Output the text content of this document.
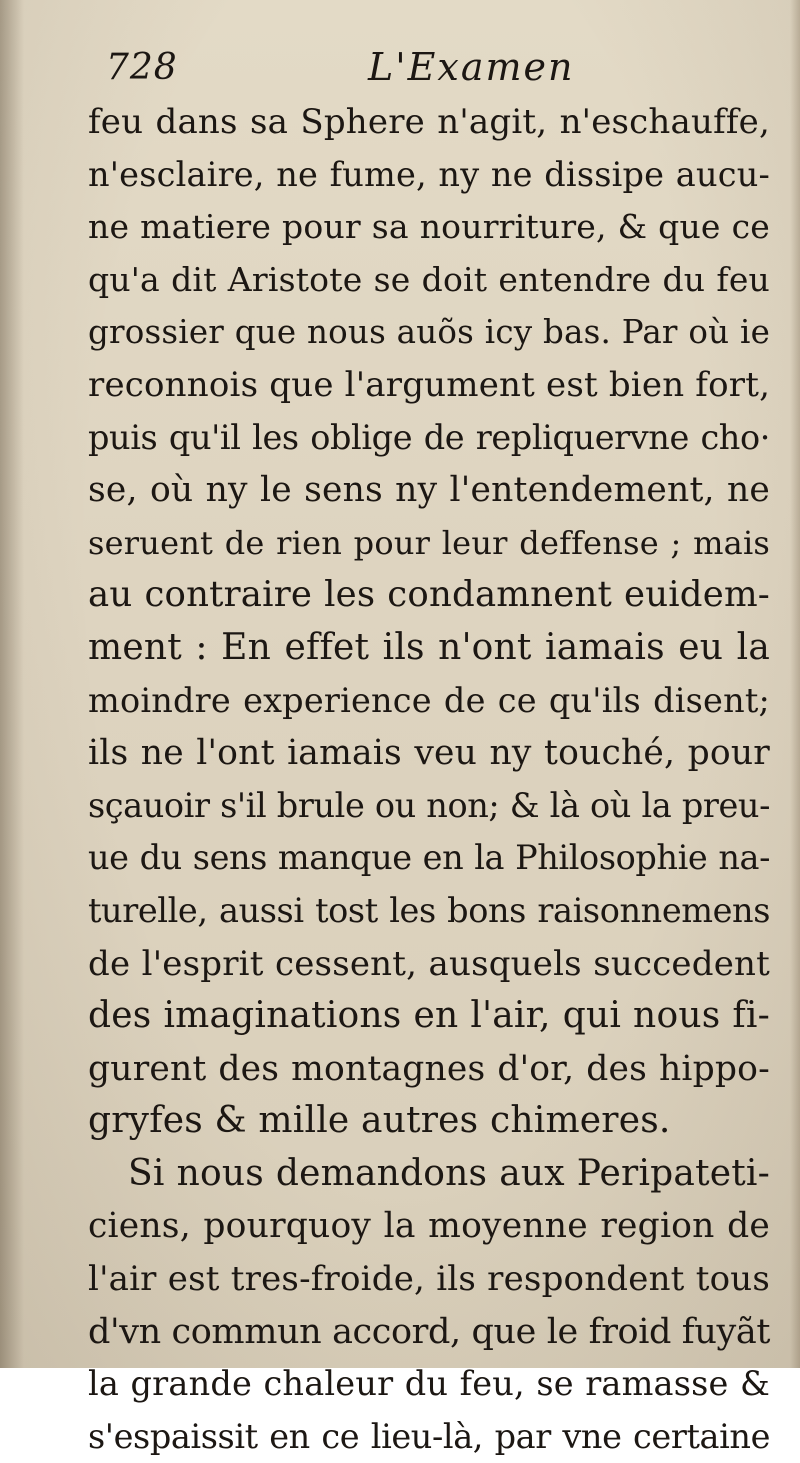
728	L'Examen
feu dans sa Sphere n'agit, n'eschauffe,
n'esclaire, ne fume, ny ne dissipe aucu-
ne matiere pour sa nourriture, & que ce
qu'a dit Aristote se doit entendre du feu
grossier que nous auõs icy bas. Par où ie
reconnois que l'argument est bien fort,
puis qu'il les oblige de repliquervne cho·
se, où ny le sens ny l'entendement, ne
seruent de rien pour leur deffense ; mais
au contraire les condamnent euidem-
ment : En effet ils n'ont iamais eu la
moindre experience de ce qu'ils disent;
ils ne l'ont iamais veu ny touché, pour
sçauoir s'il brule ou non; & là où la preu-
ue du sens manque en la Philosophie na-
turelle, aussi tost les bons raisonnemens
de l'esprit cessent, ausquels succedent
des imaginations en l'air, qui nous fi-
gurent des montagnes d'or, des hippo-
gryfes & mille autres chimeres.
Si nous demandons aux Peripateti-
ciens, pourquoy la moyenne region de
l'air est tres-froide, ils respondent tous
d'vn commun accord, que le froid fuyãt
la grande chaleur du feu, se ramasse &
s'espaissit en ce lieu-là, par vne certaine
